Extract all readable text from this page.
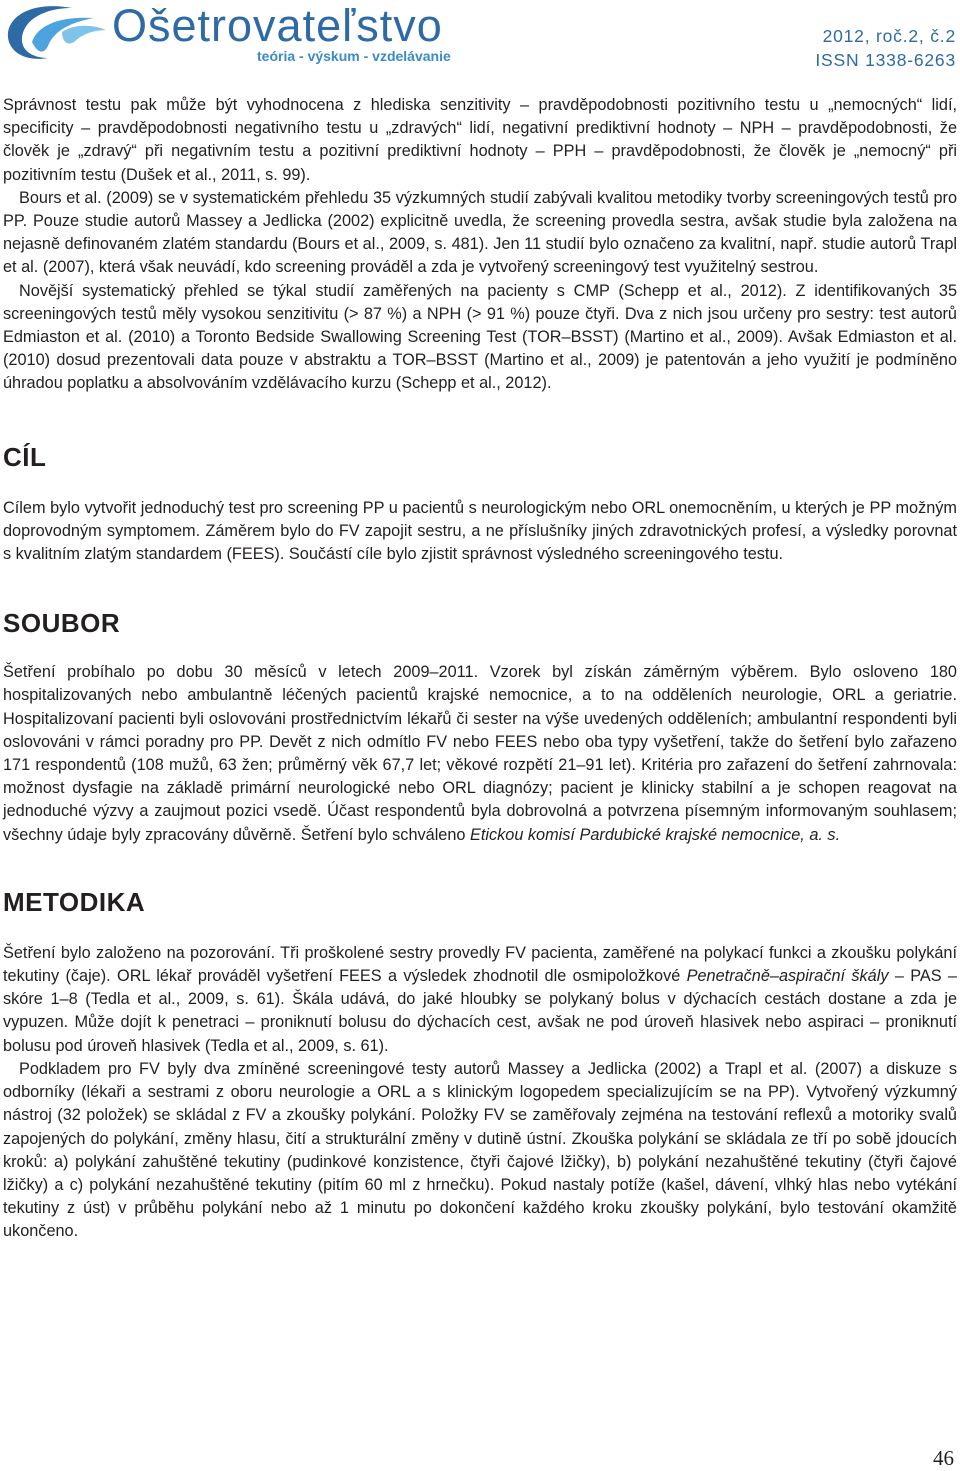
Ošetrovateľstvo
teória - výskum - vzdelávanie
2012, roč.2, č.2
ISSN 1338-6263

Správnost testu pak může být vyhodnocena z hlediska senzitivity – pravděpodobnosti pozitivního testu u „nemocných“ lidí, specificity – pravděpodobnosti negativního testu u „zdravých“ lidí, negativní prediktivní hodnoty – NPH – pravděpodobnosti, že člověk je „zdravý“ při negativním testu a pozitivní prediktivní hodnoty – PPH – pravděpodobnosti, že člověk je „nemocný“ při pozitivním testu (Dušek et al., 2011, s. 99).

Bours et al. (2009) se v systematickém přehledu 35 výzkumných studií zabývali kvalitou metodiky tvorby screeningových testů pro PP. Pouze studie autorů Massey a Jedlicka (2002) explicitně uvedla, že screening provedla sestra, avšak studie byla založena na nejasně definovaném zlatém standardu (Bours et al., 2009, s. 481). Jen 11 studií bylo označeno za kvalitní, např. studie autorů Trapl et al. (2007), která však neuvádí, kdo screening prováděl a zda je vytvořený screeningový test využitelný sestrou.

Novější systematický přehled se týkal studií zaměřených na pacienty s CMP (Schepp et al., 2012). Z identifikovaných 35 screeningových testů měly vysokou senzitivitu (> 87 %) a NPH (> 91 %) pouze čtyři. Dva z nich jsou určeny pro sestry: test autorů Edmiaston et al. (2010) a Toronto Bedside Swallowing Screening Test (TOR–BSST) (Martino et al., 2009). Avšak Edmiaston et al. (2010) dosud prezentovali data pouze v abstraktu a TOR–BSST (Martino et al., 2009) je patentován a jeho využití je podmíněno úhradou poplatku a absolvováním vzdělávacího kurzu (Schepp et al., 2012).

CÍL

Cílem bylo vytvořit jednoduchý test pro screening PP u pacientů s neurologickým nebo ORL onemocněním, u kterých je PP možným doprovodným symptomem. Záměrem bylo do FV zapojit sestru, a ne příslušníky jiných zdravotnických profesí, a výsledky porovnat s kvalitním zlatým standardem (FEES). Součástí cíle bylo zjistit správnost výsledného screeningového testu.

SOUBOR

Šetření probíhalo po dobu 30 měsíců v letech 2009–2011. Vzorek byl získán záměrným výběrem. Bylo osloveno 180 hospitalizovaných nebo ambulantně léčených pacientů krajské nemocnice, a to na odděleních neurologie, ORL a geriatrie. Hospitalizovaní pacienti byli oslovováni prostřednictvím lékařů či sester na výše uvedených odděleních; ambulantní respondenti byli oslovováni v rámci poradny pro PP. Devět z nich odmítlo FV nebo FEES nebo oba typy vyšetření, takže do šetření bylo zařazeno 171 respondentů (108 mužů, 63 žen; průměrný věk 67,7 let; věkové rozpětí 21–91 let). Kritéria pro zařazení do šetření zahrnovala: možnost dysfagie na základě primární neurologické nebo ORL diagnózy; pacient je klinicky stabilní a je schopen reagovat na jednoduché výzvy a zaujmout pozici vsedě. Účast respondentů byla dobrovolná a potvrzena písemným informovaným souhlasem; všechny údaje byly zpracovány důvěrně. Šetření bylo schváleno Etickou komisí Pardubické krajské nemocnice, a. s.

METODIKA

Šetření bylo založeno na pozorování. Tři proškolené sestry provedly FV pacienta, zaměřené na polykací funkci a zkoušku polykání tekutiny (čaje). ORL lékař prováděl vyšetření FEES a výsledek zhodnotil dle osmipoložkové Penetračně–aspirační škály – PAS – skóre 1–8 (Tedla et al., 2009, s. 61). Škála udává, do jaké hloubky se polykaný bolus v dýchacích cestách dostane a zda je vypuzen. Může dojít k penetraci – proniknutí bolusu do dýchacích cest, avšak ne pod úroveň hlasivek nebo aspiraci – proniknutí bolusu pod úroveň hlasivek (Tedla et al., 2009, s. 61).

Podkladem pro FV byly dva zmíněné screeningové testy autorů Massey a Jedlicka (2002) a Trapl et al. (2007) a diskuze s odborníky (lékaři a sestrami z oboru neurologie a ORL a s klinickým logopedem specializujícím se na PP). Vytvořený výzkumný nástroj (32 položek) se skládal z FV a zkoušky polykání. Položky FV se zaměřovaly zejména na testování reflexů a motoriky svalů zapojených do polykání, změny hlasu, čití a strukturální změny v dutině ústní. Zkouška polykání se skládala ze tří po sobě jdoucích kroků: a) polykání zahuštěné tekutiny (pudinkové konzistence, čtyři čajové lžičky), b) polykání nezahuštěné tekutiny (čtyři čajové lžičky) a c) polykání nezahuštěné tekutiny (pitím 60 ml z hrnečku). Pokud nastaly potíže (kašel, dávení, vlhký hlas nebo vytékání tekutiny z úst) v průběhu polykání nebo až 1 minutu po dokončení každého kroku zkoušky polykání, bylo testování okamžitě ukončeno.

46
